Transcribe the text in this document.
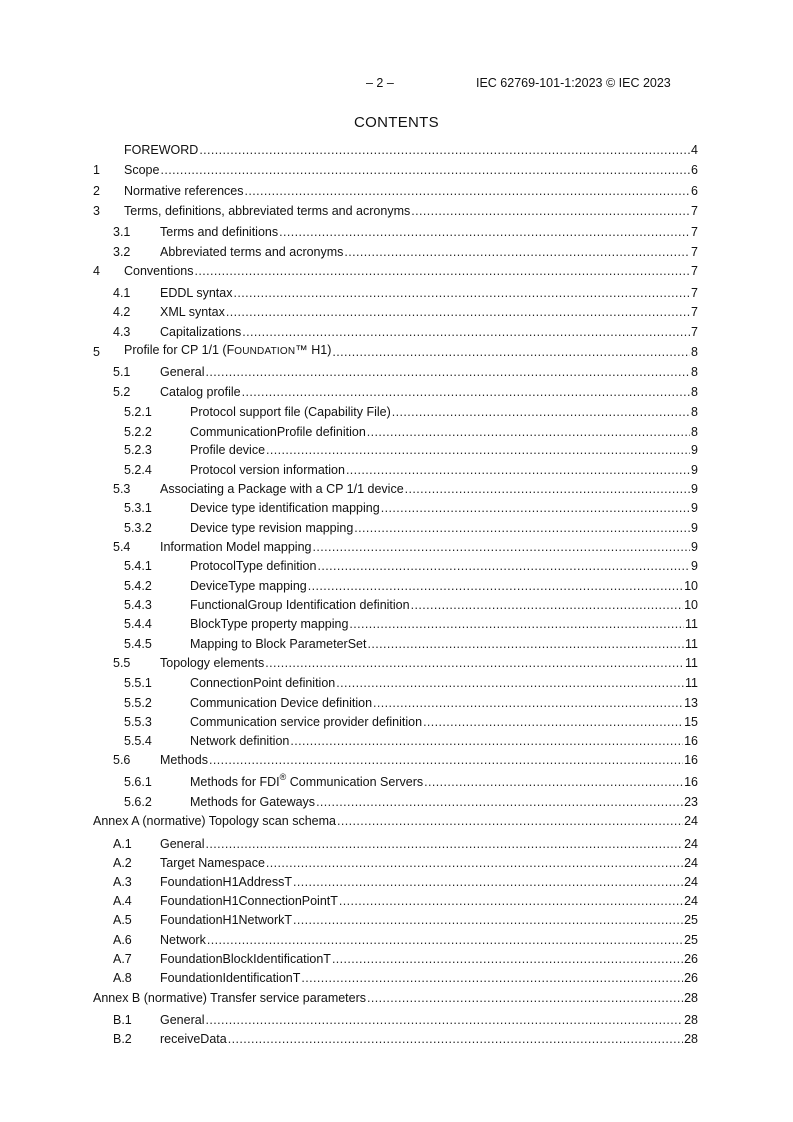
– 2 –	IEC 62769-101-1:2023 © IEC 2023
CONTENTS
FOREWORD .....	4
1	Scope .....	6
2	Normative references .....	6
3	Terms, definitions, abbreviated terms and acronyms .....	7
3.1	Terms and definitions .....	7
3.2	Abbreviated terms and acronyms .....	7
4	Conventions .....	7
4.1	EDDL syntax .....	7
4.2	XML syntax .....	7
4.3	Capitalizations .....	7
5	Profile for CP 1/1 (FOUNDATION™ H1) .....	8
5.1	General .....	8
5.2	Catalog profile .....	8
5.2.1	Protocol support file (Capability File) .....	8
5.2.2	CommunicationProfile definition .....	8
5.2.3	Profile device .....	9
5.2.4	Protocol version information .....	9
5.3	Associating a Package with a CP 1/1 device .....	9
5.3.1	Device type identification mapping .....	9
5.3.2	Device type revision mapping .....	9
5.4	Information Model mapping .....	9
5.4.1	ProtocolType definition .....	9
5.4.2	DeviceType mapping .....	10
5.4.3	FunctionalGroup Identification definition .....	10
5.4.4	BlockType property mapping .....	11
5.4.5	Mapping to Block ParameterSet .....	11
5.5	Topology elements .....	11
5.5.1	ConnectionPoint definition .....	11
5.5.2	Communication Device definition .....	13
5.5.3	Communication service provider definition .....	15
5.5.4	Network definition .....	16
5.6	Methods .....	16
5.6.1	Methods for FDI® Communication Servers .....	16
5.6.2	Methods for Gateways .....	23
Annex A (normative) Topology scan schema .....	24
A.1	General .....	24
A.2	Target Namespace .....	24
A.3	FoundationH1AddressT .....	24
A.4	FoundationH1ConnectionPointT .....	24
A.5	FoundationH1NetworkT .....	25
A.6	Network .....	25
A.7	FoundationBlockIdentificationT .....	26
A.8	FoundationIdentificationT .....	26
Annex B (normative) Transfer service parameters .....	28
B.1	General .....	28
B.2	receiveData .....	28
